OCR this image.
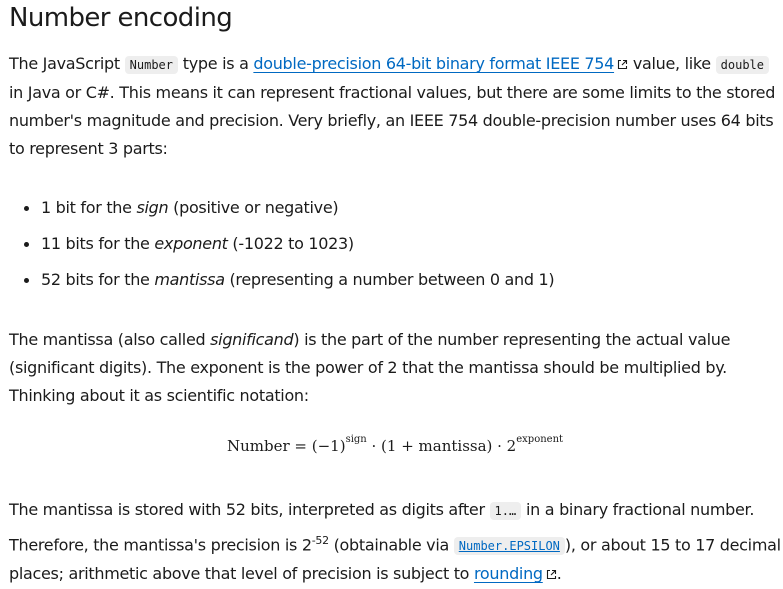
Number encoding

The JavaScript Number type is a double-precision 64-bit binary format IEEE 754 value, like double in Java or C#. This means it can represent fractional values, but there are some limits to the stored number's magnitude and precision. Very briefly, an IEEE 754 double-precision number uses 64 bits to represent 3 parts:

1 bit for the sign (positive or negative)
11 bits for the exponent (-1022 to 1023)
52 bits for the mantissa (representing a number between 0 and 1)

The mantissa (also called significand) is the part of the number representing the actual value (significant digits). The exponent is the power of 2 that the mantissa should be multiplied by. Thinking about it as scientific notation:

Number = $(-1)^{sign} \cdot (1$ + mantissa) · $2^{exponent}$

The mantissa is stored with 52 bits, interpreted as digits after 1.… in a binary fractional number.
Therefore, the mantissa's precision is $2^{-52}$ (obtainable via Number.EPSILON ), or about 15 to 17 decimal places; arithmetic above that level of precision is subject to rounding .
